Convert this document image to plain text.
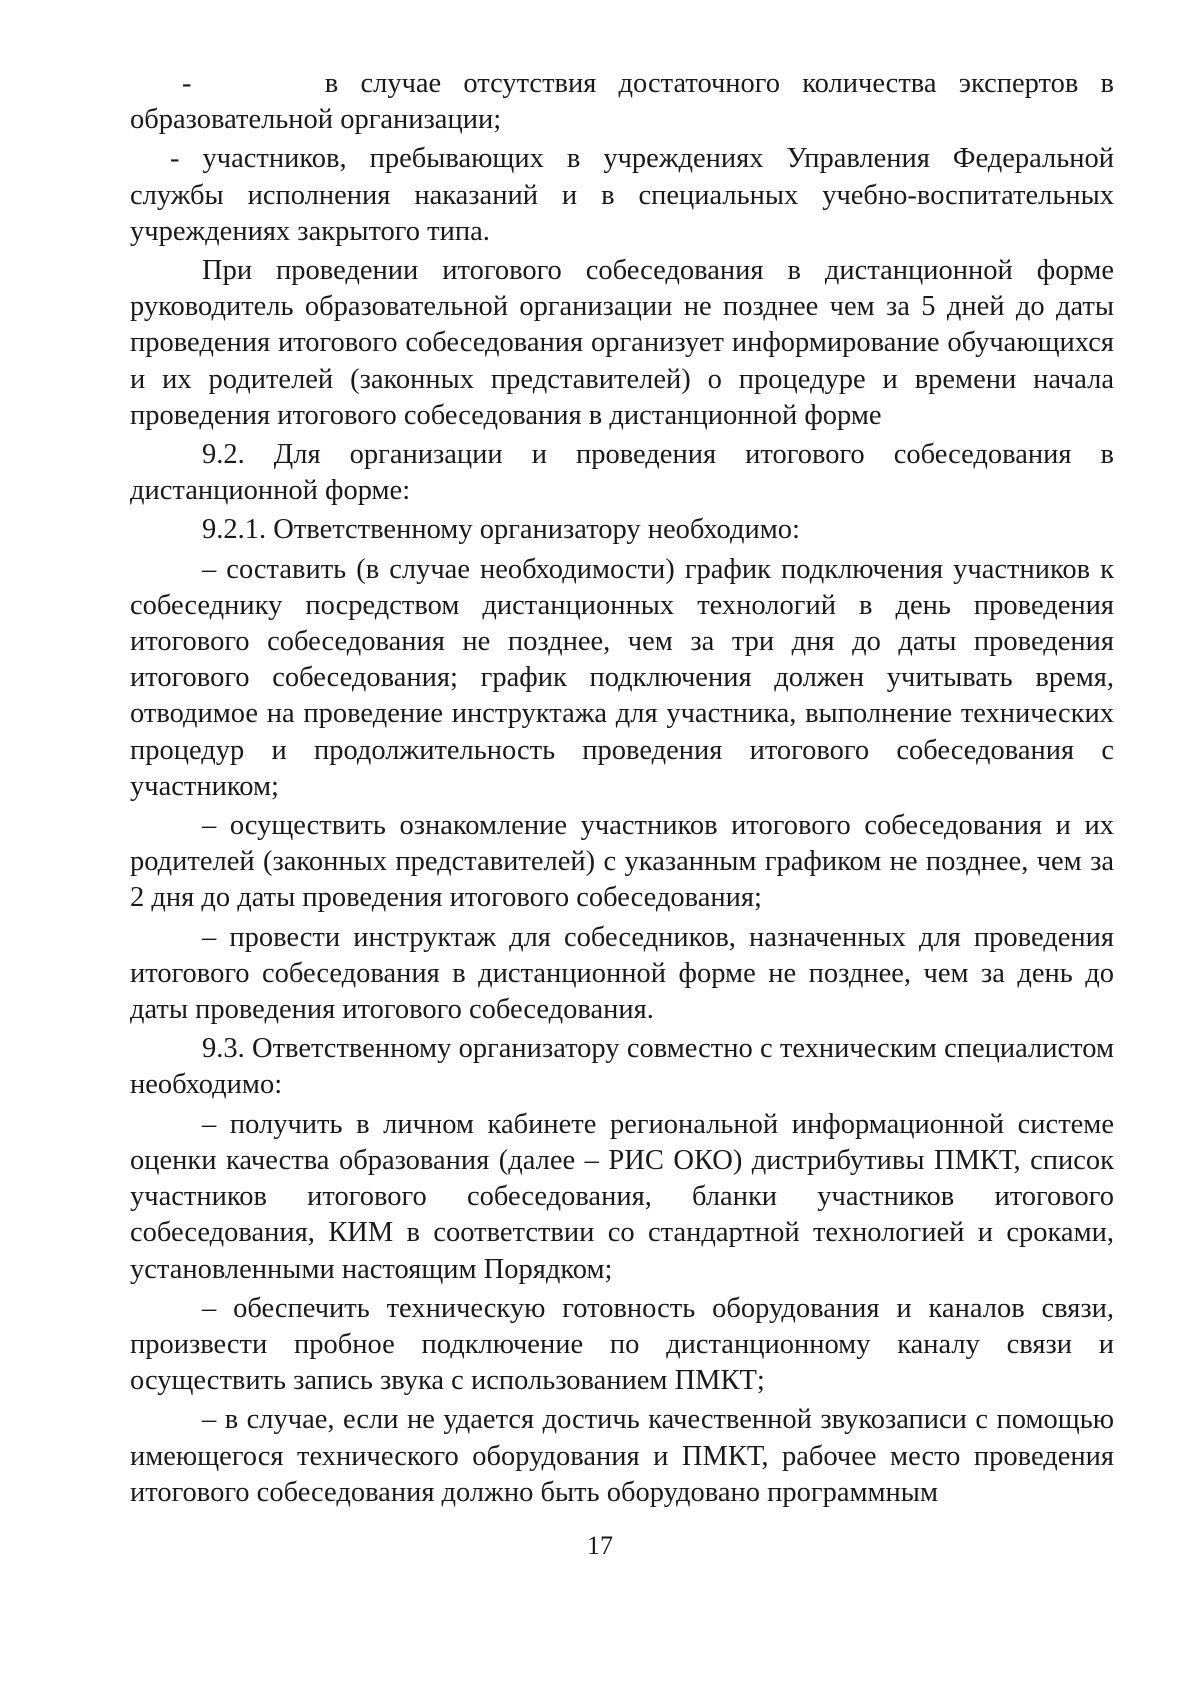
-      в случае отсутствия достаточного количества экспертов в образовательной организации;

- участников, пребывающих в учреждениях Управления Федеральной службы исполнения наказаний и в специальных учебно-воспитательных учреждениях закрытого типа.

При проведении итогового собеседования в дистанционной форме руководитель образовательной организации не позднее чем за 5 дней до даты проведения итогового собеседования организует информирование обучающихся и их родителей (законных представителей) о процедуре и времени начала проведения итогового собеседования в дистанционной форме

9.2. Для организации и проведения итогового собеседования в дистанционной форме:

9.2.1. Ответственному организатору необходимо:

– составить (в случае необходимости) график подключения участников к собеседнику посредством дистанционных технологий в день проведения итогового собеседования не позднее, чем за три дня до даты проведения итогового собеседования; график подключения должен учитывать время, отводимое на проведение инструктажа для участника, выполнение технических процедур и продолжительность проведения итогового собеседования с участником;

– осуществить ознакомление участников итогового собеседования и их родителей (законных представителей) с указанным графиком не позднее, чем за 2 дня до даты проведения итогового собеседования;

– провести инструктаж для собеседников, назначенных для проведения итогового собеседования в дистанционной форме не позднее, чем за день до даты проведения итогового собеседования.

9.3. Ответственному организатору совместно с техническим специалистом необходимо:

– получить в личном кабинете региональной информационной системе оценки качества образования (далее – РИС ОКО) дистрибутивы ПМКТ, список участников итогового собеседования, бланки участников итогового собеседования, КИМ в соответствии со стандартной технологией и сроками, установленными настоящим Порядком;

– обеспечить техническую готовность оборудования и каналов связи, произвести пробное подключение по дистанционному каналу связи и осуществить запись звука с использованием ПМКТ;

– в случае, если не удается достичь качественной звукозаписи с помощью имеющегося технического оборудования и ПМКТ, рабочее место проведения итогового собеседования должно быть оборудовано программным

17
